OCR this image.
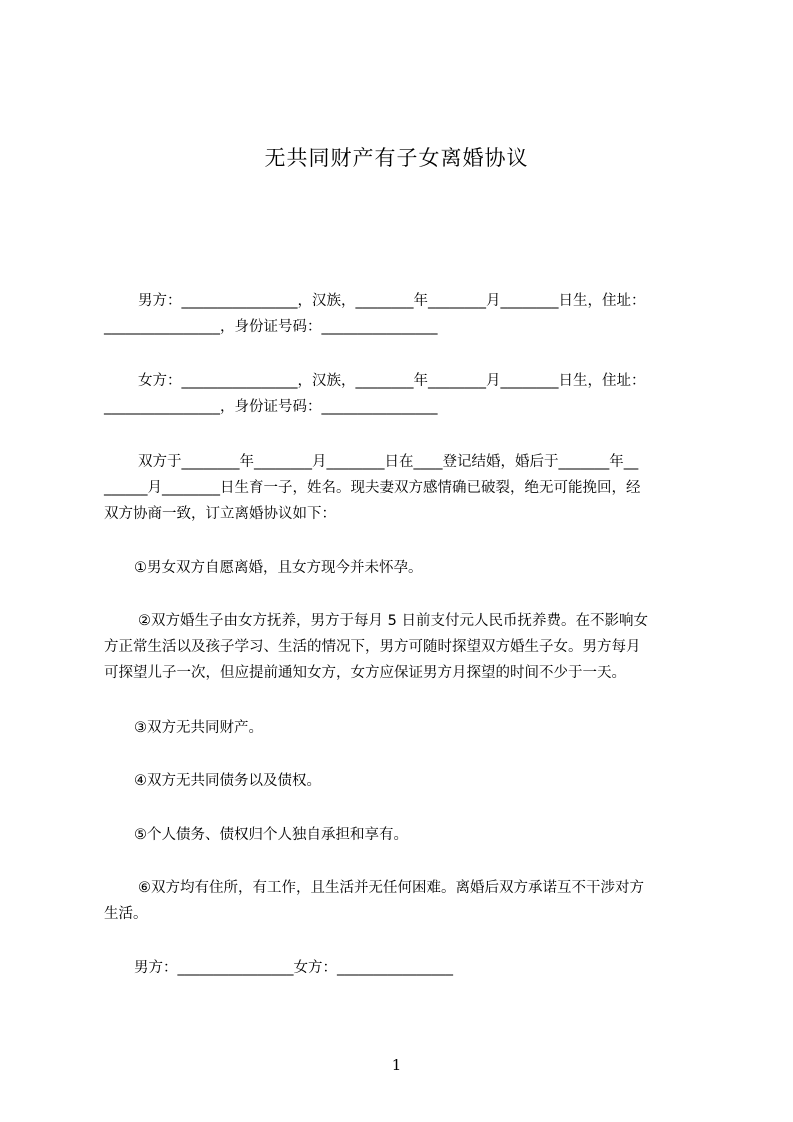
无共同财产有子女离婚协议
男方：________________，汉族，________年________月________日生，住址：
________________，身份证号码：________________
女方：________________，汉族，________年________月________日生，住址：
________________，身份证号码：________________
双方于________年________月________日在____登记结婚，婚后于_______年__
______月________日生育一子，姓名。现夫妻双方感情确已破裂，绝无可能挽回，经
双方协商一致，订立离婚协议如下：
①男女双方自愿离婚，且女方现今并未怀孕。
②双方婚生子由女方抚养，男方于每月 5 日前支付元人民币抚养费。在不影响女
方正常生活以及孩子学习、生活的情况下，男方可随时探望双方婚生子女。男方每月
可探望儿子一次，但应提前通知女方，女方应保证男方月探望的时间不少于一天。
③双方无共同财产。
④双方无共同债务以及债权。
⑤个人债务、债权归个人独自承担和享有。
⑥双方均有住所，有工作，且生活并无任何困难。离婚后双方承诺互不干涉对方
生活。
男方：________________女方：________________
1
